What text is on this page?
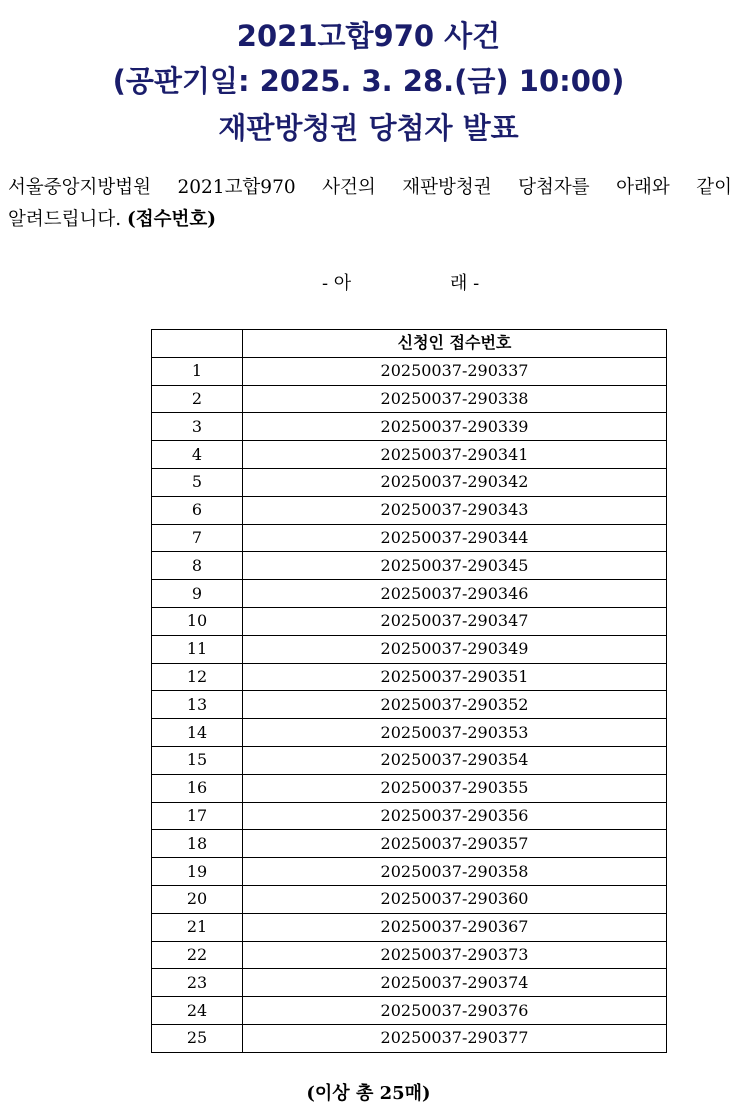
2021고합970 사건
(공판기일: 2025. 3. 28.(금) 10:00)
재판방청권 당첨자 발표

서울중앙지방법원 2021고합970 사건의 재판방청권 당첨자를 아래와 같이
알려드립니다. (접수번호)

- 아	래 -
	신청인 접수번호
1	20250037-290337
2	20250037-290338
3	20250037-290339
4	20250037-290341
5	20250037-290342
6	20250037-290343
7	20250037-290344
8	20250037-290345
9	20250037-290346
10	20250037-290347
11	20250037-290349
12	20250037-290351
13	20250037-290352
14	20250037-290353
15	20250037-290354
16	20250037-290355
17	20250037-290356
18	20250037-290357
19	20250037-290358
20	20250037-290360
21	20250037-290367
22	20250037-290373
23	20250037-290374
24	20250037-290376
25	20250037-290377

(이상 총 25매)
